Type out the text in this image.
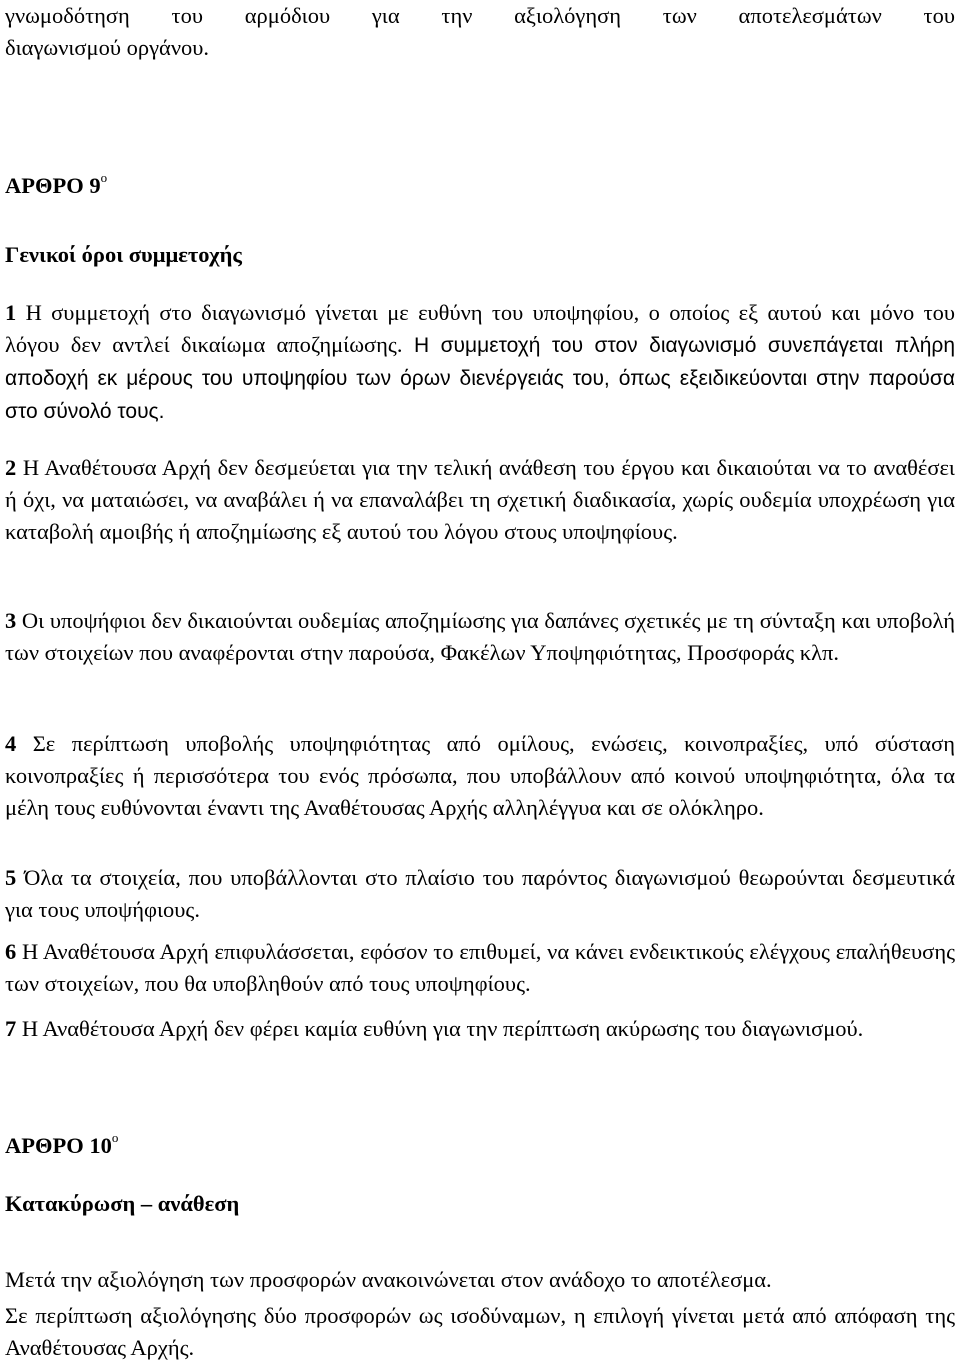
γνωμοδότηση του αρμόδιου για την αξιολόγηση των αποτελεσμάτων του

διαγωνισμού οργάνου.

ΑΡΘΡΟ $9^o$
Γενικοί όροι συμμετοχής

1 Η συμμετοχή στο διαγωνισμό γίνεται με ευθύνη του υποψηφίου, ο οποίος εξ αυτού και μόνο του λόγου δεν αντλεί δικαίωμα αποζημίωσης. Η συμμετοχή του στον διαγωνισμό συνεπάγεται πλήρη αποδοχή εκ μέρους του υποψηφίου των όρων διενέργειάς του, όπως εξειδικεύονται στην παρούσα στο σύνολό τους.

2 Η Αναθέτουσα Αρχή δεν δεσμεύεται για την τελική ανάθεση του έργου και δικαιούται να το αναθέσει ή όχι, να ματαιώσει, να αναβάλει ή να επαναλάβει τη σχετική διαδικασία, χωρίς ουδεμία υποχρέωση για καταβολή αμοιβής ή αποζημίωσης εξ αυτού του λόγου στους υποψηφίους.

3 Οι υποψήφιοι δεν δικαιούνται ουδεμίας αποζημίωσης για δαπάνες σχετικές με τη σύνταξη και υποβολή των στοιχείων που αναφέρονται στην παρούσα, Φακέλων Υποψηφιότητας, Προσφοράς κλπ.

4 Σε περίπτωση υποβολής υποψηφιότητας από ομίλους, ενώσεις, κοινοπραξίες, υπό σύσταση κοινοπραξίες ή περισσότερα του ενός πρόσωπα, που υποβάλλουν από κοινού υποψηφιότητα, όλα τα μέλη τους ευθύνονται έναντι της Αναθέτουσας Αρχής αλληλέγγυα και σε ολόκληρο.

5 Όλα τα στοιχεία, που υποβάλλονται στο πλαίσιο του παρόντος διαγωνισμού θεωρούνται δεσμευτικά για τους υποψήφιους.

6 Η Αναθέτουσα Αρχή επιφυλάσσεται, εφόσον το επιθυμεί, να κάνει ενδεικτικούς ελέγχους επαλήθευσης των στοιχείων, που θα υποβληθούν από τους υποψηφίους.

7 Η Αναθέτουσα Αρχή δεν φέρει καμία ευθύνη για την περίπτωση ακύρωσης του διαγωνισμού.

ΑΡΘΡΟ $10^o$
Κατακύρωση – ανάθεση

Μετά την αξιολόγηση των προσφορών ανακοινώνεται στον ανάδοχο το αποτέλεσμα.

Σε περίπτωση αξιολόγησης δύο προσφορών ως ισοδύναμων, η επιλογή γίνεται μετά από απόφαση της Αναθέτουσας Αρχής.
